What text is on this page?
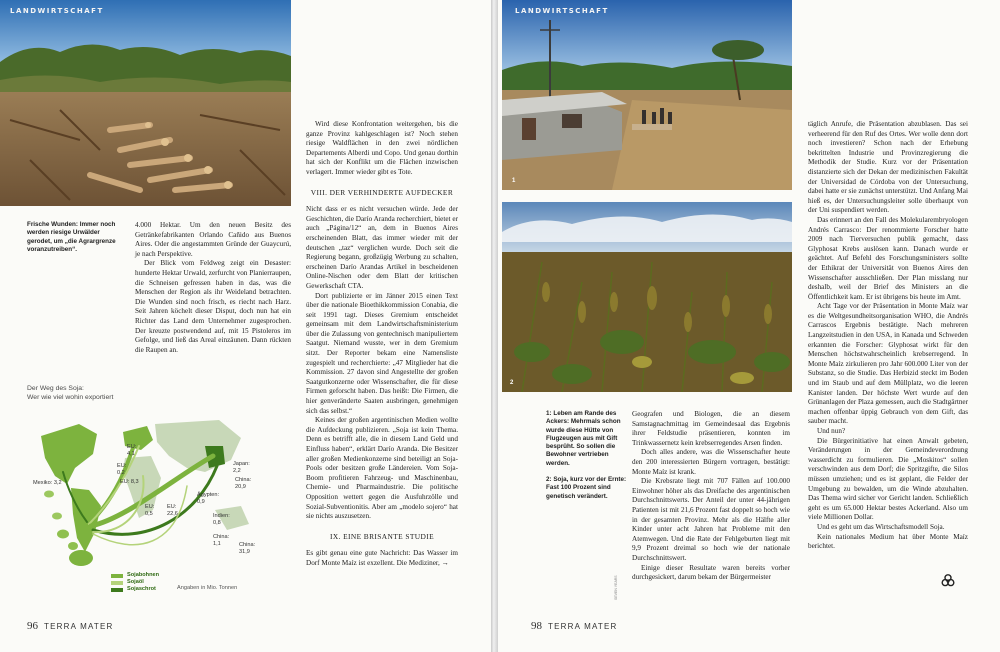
LANDWIRTSCHAFT

Frische Wunden: Immer noch werden riesige Urwälder gerodet, um „die Agrargrenze voranzutreiben“.

4.000 Hektar. Um den neuen Besitz des Getränkefabrikanten Orlando Cañido aus Buenos Aires. Oder die angestammten Gründe der Guaycurú, je nach Perspektive.

Der Blick vom Feldweg zeigt ein Desaster: hunderte Hektar Urwald, zerfurcht von Planierraupen, die Schneisen gefressen haben in das, was die Menschen der Region als ihr Weideland betrachten. Die Wunden sind noch frisch, es riecht nach Harz. Seit Jahren köchelt dieser Disput, doch nun hat ein Richter das Land dem Unternehmer zugesprochen. Der kreuzte postwendend auf, mit 15 Pistoleros im Gefolge, und ließ das Areal einzäunen. Dann rückten die Raupen an.

Der Weg des Soja:
Wer wie viel wohin exportiert
EU:
4,1
EU:
0,2
EU: 8,3
Mexiko: 3,2
Japan:
2,2
China:
20,9
Ägypten:
0,9
EU:
0,5
EU:
22,6	Indien:
0,8
China:
1,1	China:
31,9
Sojabohnen
Sojaöl
Sojaschrot	Angaben in Mio. Tonnen

Wird diese Konfrontation weitergehen, bis die ganze Provinz kahlgeschlagen ist? Noch stehen riesige Waldflächen in den zwei nördlichen Departements Alberdi und Copo. Und genau dorthin hat sich der Konflikt um die Flächen inzwischen verlagert. Immer wieder gibt es Tote.

VIII. DER VERHINDERTE AUFDECKER

Nicht dass er es nicht versuchen würde. Jede der Geschichten, die Darío Aranda recherchiert, bietet er auch „Página/12“ an, dem in Buenos Aires erscheinenden Blatt, das immer wieder mit der deutschen „taz“ verglichen wurde. Doch seit die Regierung begann, großzügig Werbung zu schalten, erscheinen Darío Arandas Artikel in bescheidenen Online-Nischen oder dem Blatt der kritischen Gewerkschaft CTA.

Dort publizierte er im Jänner 2015 einen Text über die nationale Bioethikkommission Conabia, die seit 1991 tagt. Dieses Gremium entscheidet gemeinsam mit dem Landwirtschaftsministerium über die Zulassung von gentechnisch manipuliertem Saatgut. Niemand wusste, wer in dem Gremium sitzt. Der Reporter bekam eine Namensliste zugespielt und recherchierte: „47 Mitglieder hat die Kommission. 27 davon sind Angestellte der großen Saatgutkonzerne oder Wissenschafter, die für diese Firmen geforscht haben. Das heißt: Die Firmen, die hier genveränderte Saaten ausbringen, genehmigen sich das selbst.“

Keines der großen argentinischen Medien wollte die Aufdeckung publizieren. „Soja ist kein Thema. Denn es betrifft alle, die in diesem Land Geld und Einfluss haben“, erklärt Darío Aranda. Die Besitzer aller großen Medienkonzerne sind beteiligt an Soja-Pools oder besitzen große Ländereien. Vom Soja-Boom profitieren Fahrzeug- und Maschinenbau, Chemie- und Pharmaindustrie. Die politische Opposition wettert gegen die Ausfuhrzölle und Sozial-Subventionitis. Aber am „modelo sojero“ hat sie nichts auszusetzen.

IX. EINE BRISANTE STUDIE

Es gibt genau eine gute Nachricht: Das Wasser im Dorf Monte Maíz ist exzellent. Die Mediziner, →

96 TERRA MATER
LANDWIRTSCHAFT
1
2

1: Leben am Rande des Ackers: Mehrmals schon wurde diese Hütte von Flugzeugen aus mit Gift besprüht. So sollen die Bewohner vertrieben werden.

2: Soja, kurz vor der Ernte: Fast 100 Prozent sind genetisch verändert.

SEVEN YEARS

Geografen und Biologen, die an diesem Samstagnachmittag im Gemeindesaal das Ergebnis ihrer Feldstudie präsentieren, konnten im Trinkwassernetz kein krebserregendes Arsen finden.

Doch alles andere, was die Wissenschafter heute den 200 interessierten Bürgern vortragen, bestätigt: Monte Maíz ist krank.

Die Krebsrate liegt mit 707 Fällen auf 100.000 Einwohner höher als das Dreifache des argentinischen Durchschnittswerts. Der Anteil der unter 44-jährigen Patienten ist mit 21,6 Prozent fast doppelt so hoch wie in der gesamten Provinz. Mehr als die Hälfte aller Kinder unter acht Jahren hat Probleme mit den Atemwegen. Und die Rate der Fehlgeburten liegt mit 9,9 Prozent dreimal so hoch wie der nationale Durchschnittswert.

Einige dieser Resultate waren bereits vorher durchgesickert, darum bekam der Bürgermeister

täglich Anrufe, die Präsentation abzublasen. Das sei verheerend für den Ruf des Ortes. Wer wolle denn dort noch investieren? Schon nach der Erhebung bekrittelten Industrie und Provinzregierung die Methodik der Studie. Kurz vor der Präsentation distanzierte sich der Dekan der medizinischen Fakultät der Universidad de Córdoba von der Untersuchung, dabei hatte er sie zunächst unterstützt. Und Anfang Mai hieß es, der Untersuchungsleiter solle überhaupt von der Uni suspendiert werden.

Das erinnert an den Fall des Molekularembryologen Andrés Carrasco: Der renommierte Forscher hatte 2009 nach Tierversuchen publik gemacht, dass Glyphosat Krebs auslösen kann. Danach wurde er geächtet. Auf Befehl des Forschungsministers sollte der Ethikrat der Universität von Buenos Aires den Wissenschafter ausschließen. Der Plan misslang nur deshalb, weil der Brief des Ministers an die Öffentlichkeit kam. Er ist übrigens bis heute im Amt.

Acht Tage vor der Präsentation in Monte Maíz war es die Weltgesundheitsorganisation WHO, die Andrés Carrascos Ergebnis bestätigte. Nach mehreren Langzeitstudien in den USA, in Kanada und Schweden erkannten die Forscher: Glyphosat wirkt für den Menschen höchstwahrscheinlich krebserregend. In Monte Maíz zirkulieren pro Jahr 600.000 Liter von der Substanz, so die Studie. Das Herbizid steckt im Boden und im Staub und auf dem Müllplatz, wo die leeren Kanister landen. Der höchste Wert wurde auf den Grünanlagen der Plaza gemessen, auch die Stadtgärtner machen offenbar üppig Gebrauch von dem Gift, das sauber macht.

Und nun?

Die Bürgerinitiative hat einen Anwalt gebeten, Veränderungen in der Gemeindeverordnung wasserdicht zu formulieren. Die „Moskitos“ sollen verschwinden aus dem Dorf; die Spritzgifte, die Silos müssen umziehen; und es ist geplant, die Felder der Umgebung zu bewalden, um die Winde abzuhalten. Das Thema wird sicher vor Gericht landen. Schließlich geht es um 65.000 Hektar bestes Ackerland. Also um viele Millionen Dollar.

Und es geht um das Wirtschaftsmodell Soja.

Kein nationales Medium hat über Monte Maíz berichtet.

98 TERRA MATER
